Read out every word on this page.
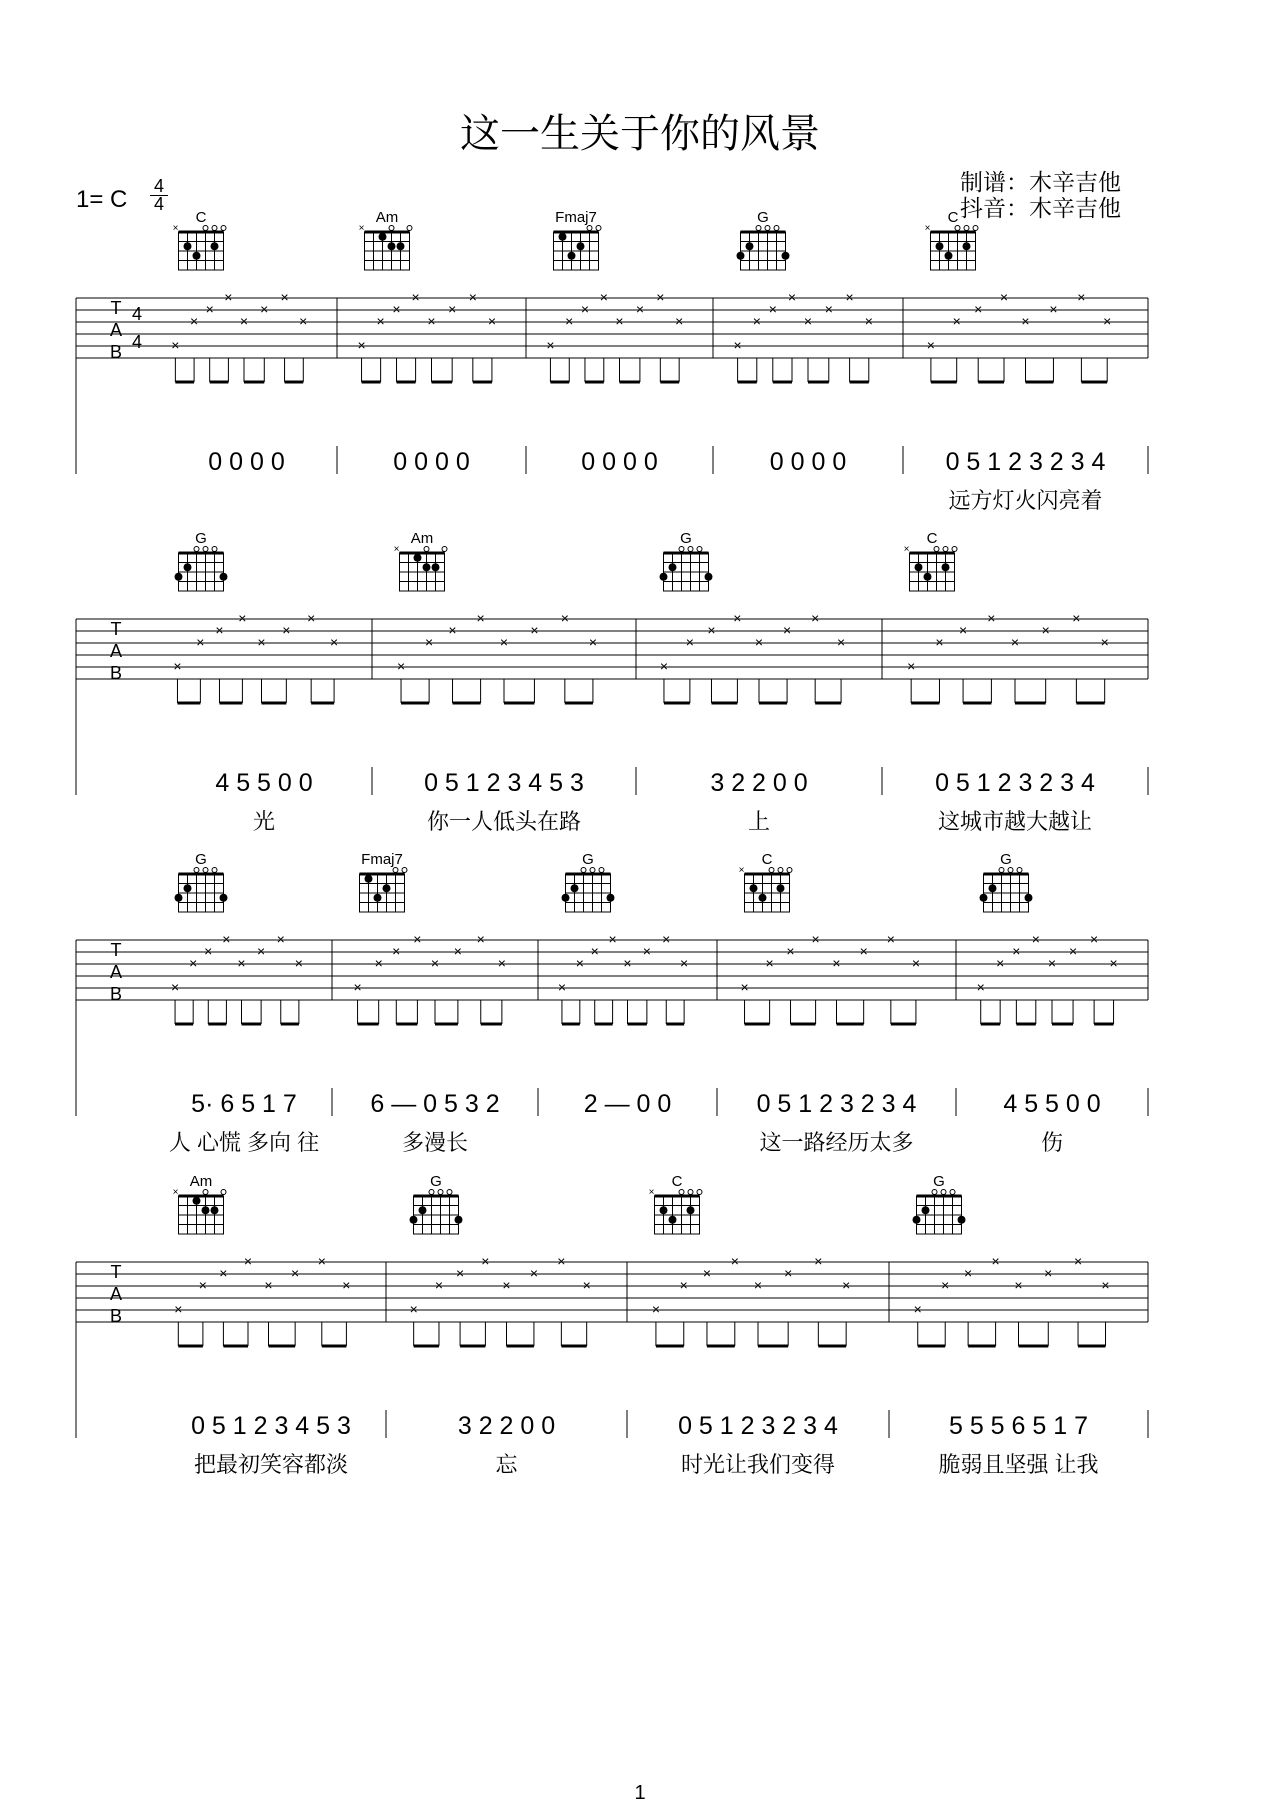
这一生关于你的风景
1= C 4
4
制谱：木辛吉他
抖音：木辛吉他
T
A
B
C
×
×
×
×
×
×
×
×
×
0 0 0 0
Am
×
×
×
×
×
×
×
×
×
0 0 0 0
Fmaj7
×
×
×
×
×
×
×
×
0 0 0 0
G
×
×
×
×
×
×
×
×
0 0 0 0
C
×
×
×
×
×
×
×
×
×
0 5 1 2 3 2 3 4
远方灯火闪亮着
T
A
B
G
×
×
×
×
×
×
×
×
4 5 5 0 0
光
Am
×
×
×
×
×
×
×
×
×
0 5 1 2 3 4 5 3
你一人低头在路
G
×
×
×
×
×
×
×
×
3 2 2 0 0
上
C
×
×
×
×
×
×
×
×
×
0 5 1 2 3 2 3 4
这城市越大越让
T
A
B
G
×
×
×
×
×
×
×
×
5· 6 5 1 7
人 心慌 多向 往
Fmaj7
×
×
×
×
×
×
×
×
6 — 0 5 3 2
多漫长
G
×
×
×
×
×
×
×
×
2 — 0 0
C
×
×
×
×
×
×
×
×
×
0 5 1 2 3 2 3 4
这一路经历太多
G
×
×
×
×
×
×
×
×
4 5 5 0 0
伤
T
A
B
Am
×
×
×
×
×
×
×
×
×
0 5 1 2 3 4 5 3
把最初笑容都淡
G
×
×
×
×
×
×
×
×
3 2 2 0 0
忘
C
×
×
×
×
×
×
×
×
×
0 5 1 2 3 2 3 4
时光让我们变得
G
×
×
×
×
×
×
×
×
5 5 5 6 5 1 7
脆弱且坚强 让我
4
4
1
